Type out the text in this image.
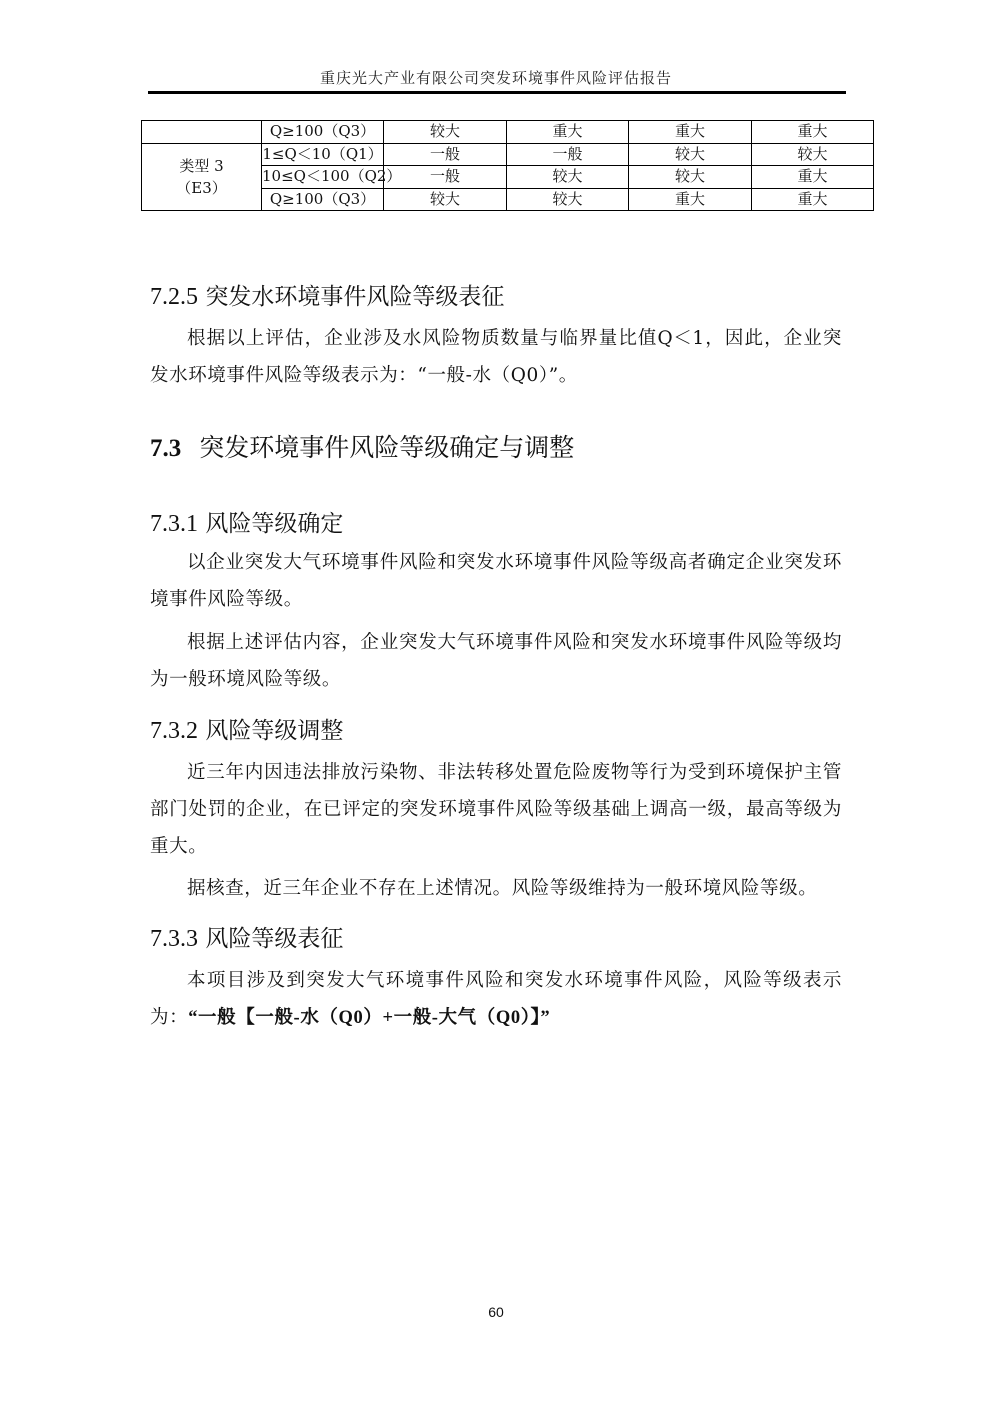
重庆光大产业有限公司突发环境事件风险评估报告
	Q≥100（Q3）	较大	重大	重大	重大

类型 3
（E3）	1≤Q＜10（Q1）	一般	一般	较大	较大
	10≤Q＜100（Q2）	一般	较大	较大	重大
	Q≥100（Q3）	较大	较大	重大	重大
7.2.5 突发水环境事件风险等级表征

根据以上评估，企业涉及水风险物质数量与临界量比值Q＜1，因此，企业突发水环境事件风险等级表示为：“一般-水（Q0）”。

7.3 突发环境事件风险等级确定与调整
7.3.1 风险等级确定

以企业突发大气环境事件风险和突发水环境事件风险等级高者确定企业突发环境事件风险等级。

根据上述评估内容，企业突发大气环境事件风险和突发水环境事件风险等级均为一般环境风险等级。

7.3.2 风险等级调整

近三年内因违法排放污染物、非法转移处置危险废物等行为受到环境保护主管部门处罚的企业，在已评定的突发环境事件风险等级基础上调高一级，最高等级为重大。

据核查，近三年企业不存在上述情况。风险等级维持为一般环境风险等级。

7.3.3 风险等级表征

本项目涉及到突发大气环境事件风险和突发水环境事件风险，风险等级表示为：“一般【一般-水（Q0）+一般-大气（Q0）】”

60
